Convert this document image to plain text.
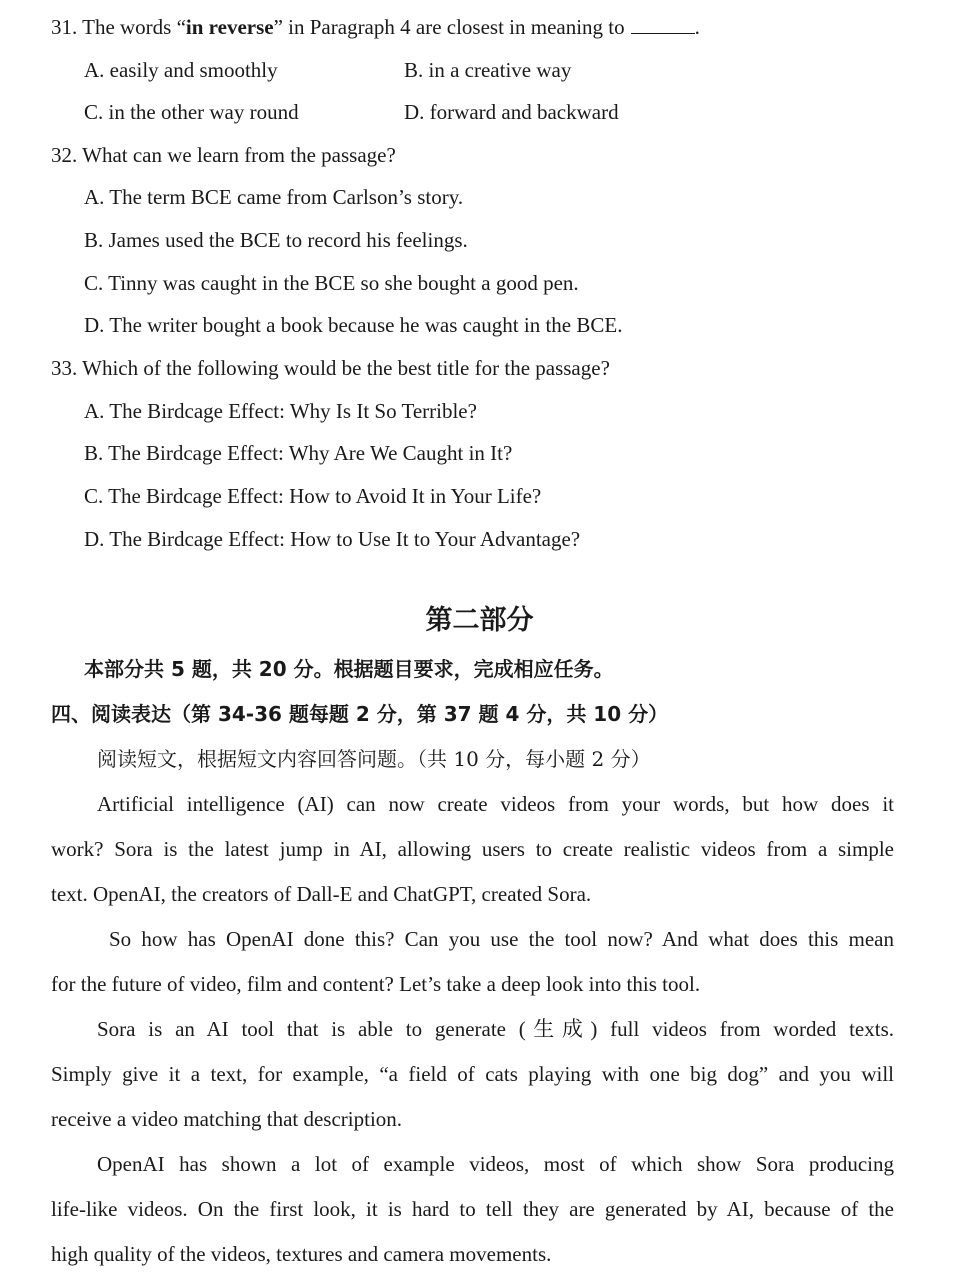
31. The words “in reverse” in Paragraph 4 are closest in meaning to	.
A. easily and smoothly	B. in a creative way
C. in the other way round	D. forward and backward
32. What can we learn from the passage?
A. The term BCE came from Carlson’s story.
B. James used the BCE to record his feelings.
C. Tinny was caught in the BCE so she bought a good pen.
D. The writer bought a book because he was caught in the BCE.
33. Which of the following would be the best title for the passage?
A. The Birdcage Effect: Why Is It So Terrible?
B. The Birdcage Effect: Why Are We Caught in It?
C. The Birdcage Effect: How to Avoid It in Your Life?
D. The Birdcage Effect: How to Use It to Your Advantage?
第二部分
本部分共 5 题，共 20 分。根据题目要求，完成相应任务。
四、阅读表达（第 34-36 题每题 2 分，第 37 题 4 分，共 10 分）
阅读短文，根据短文内容回答问题。（共 10 分，每小题 2 分）
Artificial intelligence (AI) can now create videos from your words, but how does it
work? Sora is the latest jump in AI, allowing users to create realistic videos from a simple
text. OpenAI, the creators of Dall-E and ChatGPT, created Sora.
So how has OpenAI done this? Can you use the tool now? And what does this mean
for the future of video, film and content? Let’s take a deep look into this tool.
Sora is an AI tool that is able to generate (生成) full videos from worded texts.
Simply give it a text, for example, “a field of cats playing with one big dog” and you will
receive a video matching that description.
OpenAI has shown a lot of example videos, most of which show Sora producing
life-like videos. On the first look, it is hard to tell they are generated by AI, because of the
high quality of the videos, textures and camera movements.
